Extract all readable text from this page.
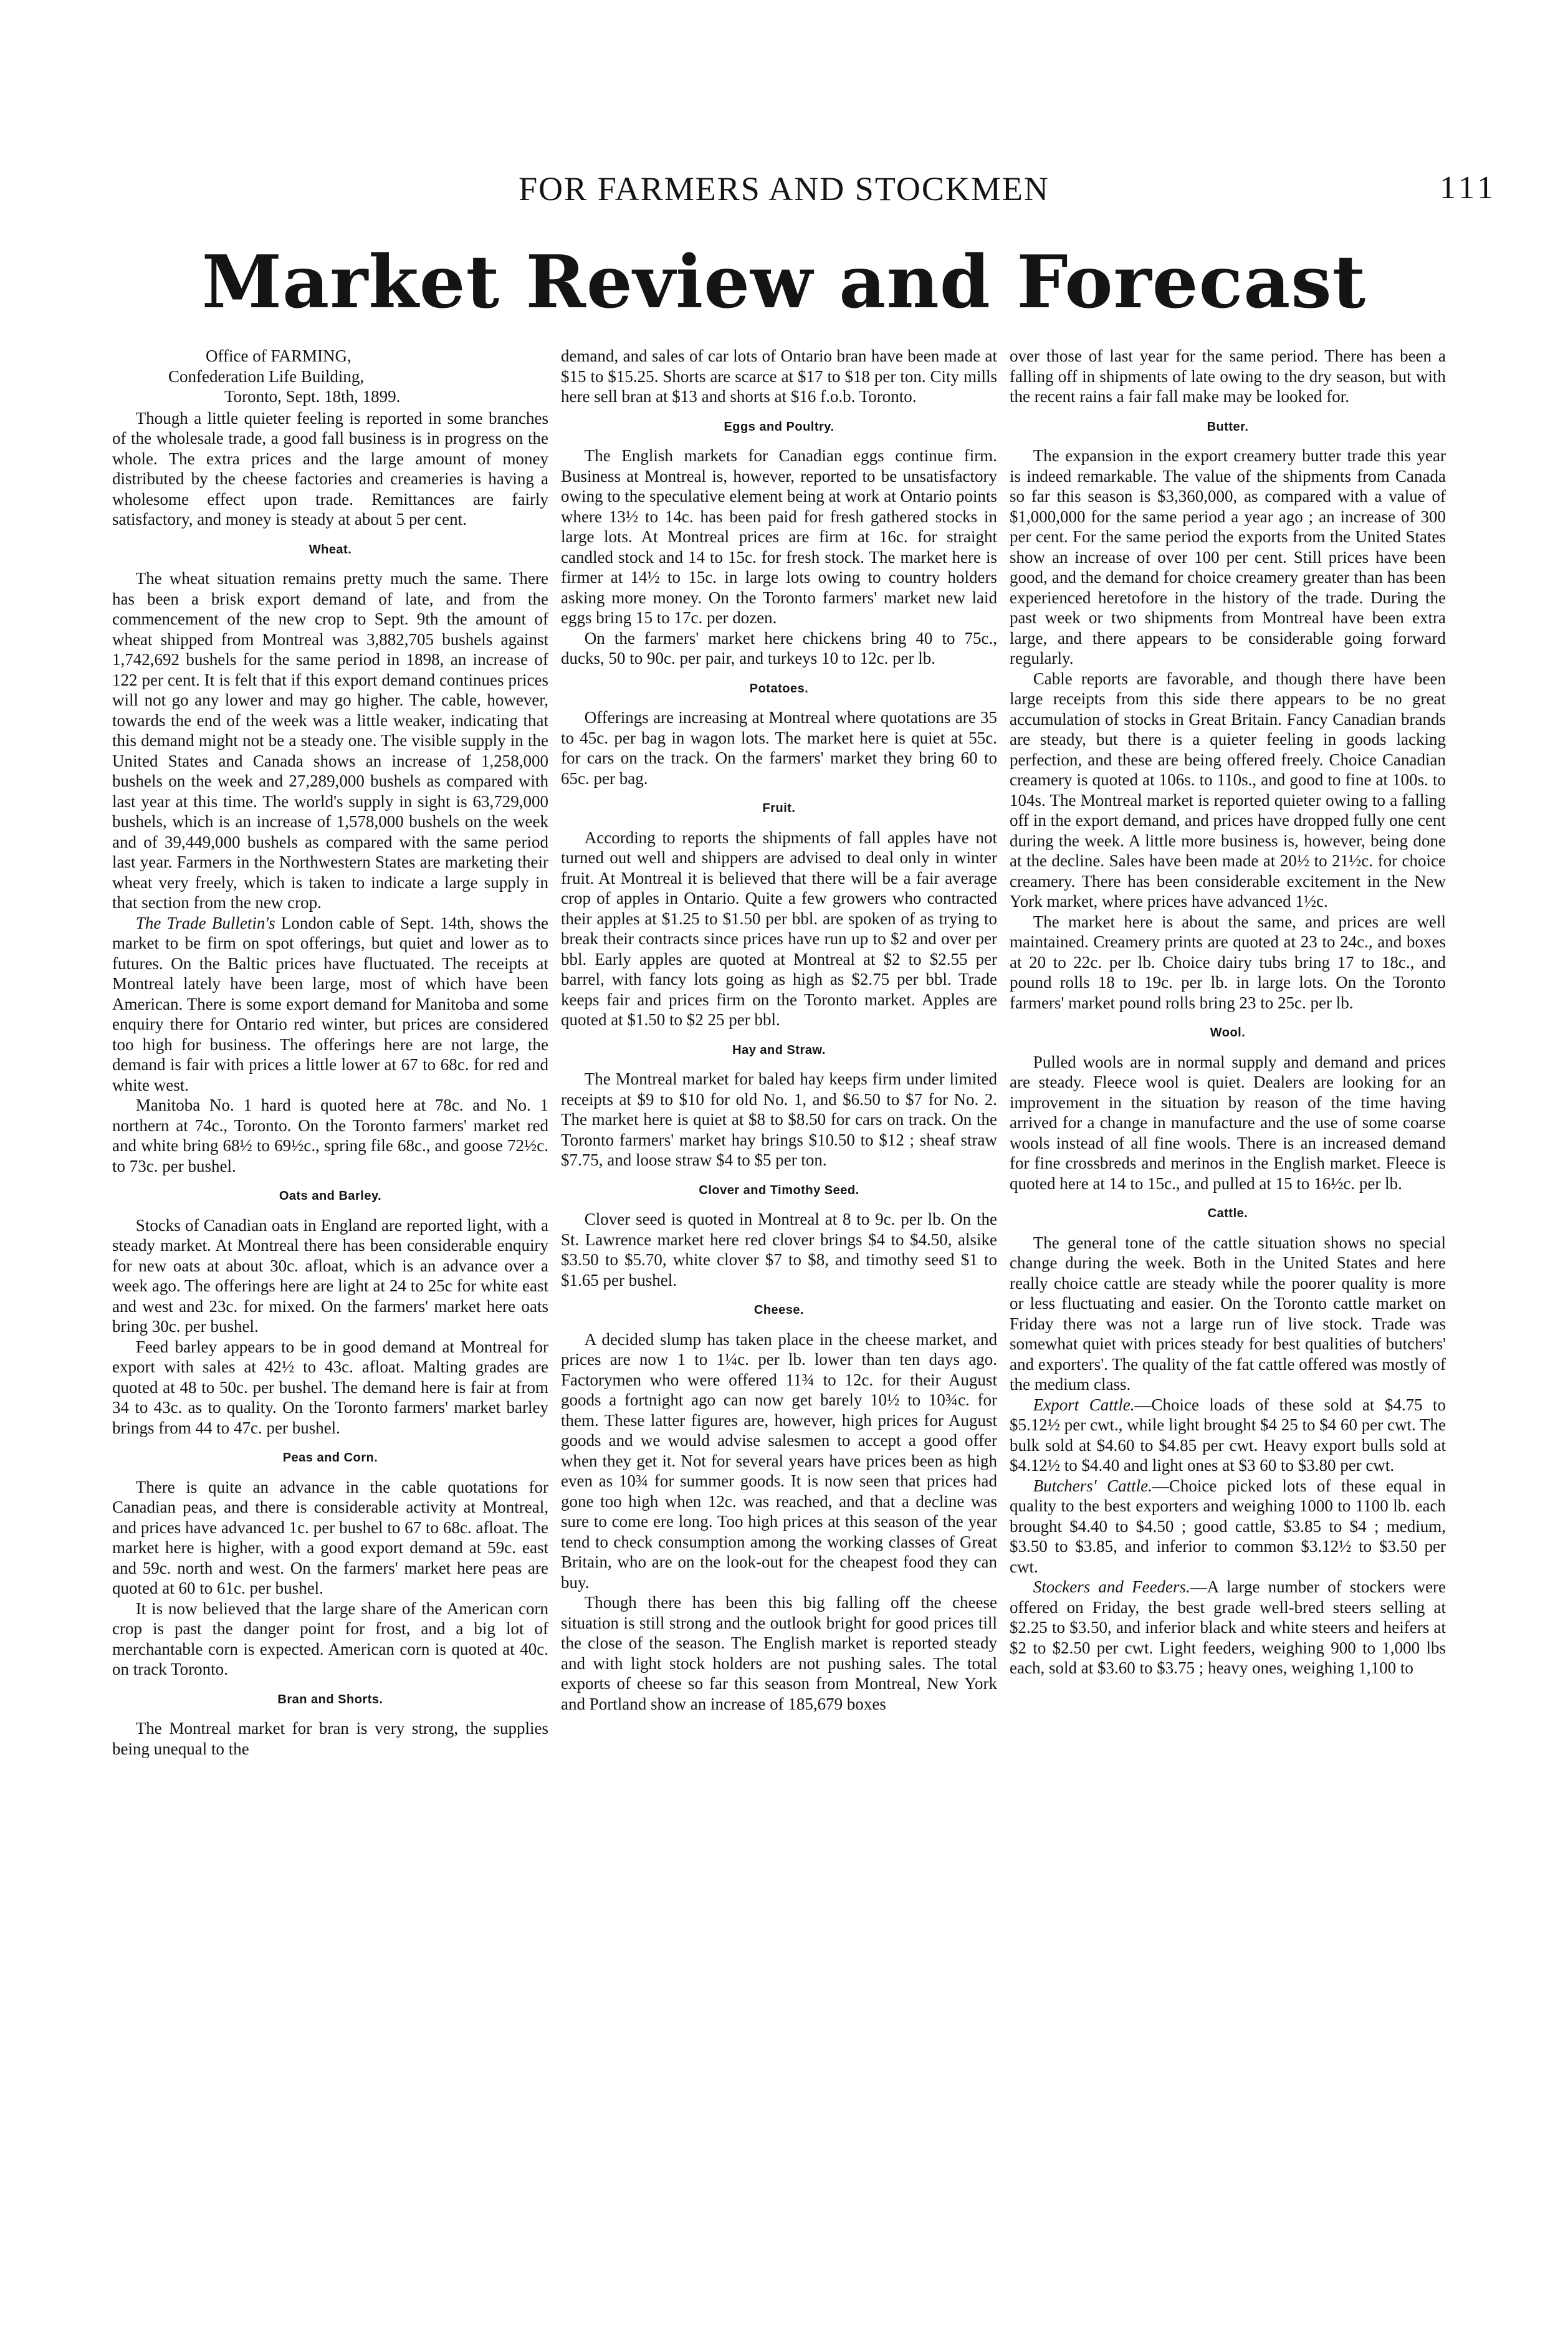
FOR FARMERS AND STOCKMEN	111
Market Review and Forecast
Office of FARMING,
Confederation Life Building,
Toronto, Sept. 18th, 1899.

Though a little quieter feeling is reported in some branches of the wholesale trade, a good fall business is in progress on the whole. The extra prices and the large amount of money distributed by the cheese factories and creameries is having a wholesome effect upon trade. Remittances are fairly satisfactory, and money is steady at about 5 per cent.

Wheat.

The wheat situation remains pretty much the same. There has been a brisk export demand of late, and from the commencement of the new crop to Sept. 9th the amount of wheat shipped from Montreal was 3,882,705 bushels against 1,742,692 bushels for the same period in 1898, an increase of 122 per cent. It is felt that if this export demand continues prices will not go any lower and may go higher. The cable, however, towards the end of the week was a little weaker, indicating that this demand might not be a steady one. The visible supply in the United States and Canada shows an increase of 1,258,000 bushels on the week and 27,289,000 bushels as compared with last year at this time. The world's supply in sight is 63,729,000 bushels, which is an increase of 1,578,000 bushels on the week and of 39,449,000 bushels as compared with the same period last year. Farmers in the Northwestern States are marketing their wheat very freely, which is taken to indicate a large supply in that section from the new crop.

The Trade Bulletin's London cable of Sept. 14th, shows the market to be firm on spot offerings, but quiet and lower as to futures. On the Baltic prices have fluctuated. The receipts at Montreal lately have been large, most of which have been American. There is some export demand for Manitoba and some enquiry there for Ontario red winter, but prices are considered too high for business. The offerings here are not large, the demand is fair with prices a little lower at 67 to 68c. for red and white west.

Manitoba No. 1 hard is quoted here at 78c. and No. 1 northern at 74c., Toronto. On the Toronto farmers' market red and white bring 68½ to 69½c., spring file 68c., and goose 72½c. to 73c. per bushel.

Oats and Barley.

Stocks of Canadian oats in England are reported light, with a steady market. At Montreal there has been considerable enquiry for new oats at about 30c. afloat, which is an advance over a week ago. The offerings here are light at 24 to 25c for white east and west and 23c. for mixed. On the farmers' market here oats bring 30c. per bushel.

Feed barley appears to be in good demand at Montreal for export with sales at 42½ to 43c. afloat. Malting grades are quoted at 48 to 50c. per bushel. The demand here is fair at from 34 to 43c. as to quality. On the Toronto farmers' market barley brings from 44 to 47c. per bushel.

Peas and Corn.

There is quite an advance in the cable quotations for Canadian peas, and there is considerable activity at Montreal, and prices have advanced 1c. per bushel to 67 to 68c. afloat. The market here is higher, with a good export demand at 59c. east and 59c. north and west. On the farmers' market here peas are quoted at 60 to 61c. per bushel.

It is now believed that the large share of the American corn crop is past the danger point for frost, and a big lot of merchantable corn is expected. American corn is quoted at 40c. on track Toronto.

Bran and Shorts.

The Montreal market for bran is very strong, the supplies being unequal to the

demand, and sales of car lots of Ontario bran have been made at $15 to $15.25. Shorts are scarce at $17 to $18 per ton. City mills here sell bran at $13 and shorts at $16 f.o.b. Toronto.

Eggs and Poultry.

The English markets for Canadian eggs continue firm. Business at Montreal is, however, reported to be unsatisfactory owing to the speculative element being at work at Ontario points where 13½ to 14c. has been paid for fresh gathered stocks in large lots. At Montreal prices are firm at 16c. for straight candled stock and 14 to 15c. for fresh stock. The market here is firmer at 14½ to 15c. in large lots owing to country holders asking more money. On the Toronto farmers' market new laid eggs bring 15 to 17c. per dozen.

On the farmers' market here chickens bring 40 to 75c., ducks, 50 to 90c. per pair, and turkeys 10 to 12c. per lb.

Potatoes.

Offerings are increasing at Montreal where quotations are 35 to 45c. per bag in wagon lots. The market here is quiet at 55c. for cars on the track. On the farmers' market they bring 60 to 65c. per bag.

Fruit.

According to reports the shipments of fall apples have not turned out well and shippers are advised to deal only in winter fruit. At Montreal it is believed that there will be a fair average crop of apples in Ontario. Quite a few growers who contracted their apples at $1.25 to $1.50 per bbl. are spoken of as trying to break their contracts since prices have run up to $2 and over per bbl. Early apples are quoted at Montreal at $2 to $2.55 per barrel, with fancy lots going as high as $2.75 per bbl. Trade keeps fair and prices firm on the Toronto market. Apples are quoted at $1.50 to $2 25 per bbl.

Hay and Straw.

The Montreal market for baled hay keeps firm under limited receipts at $9 to $10 for old No. 1, and $6.50 to $7 for No. 2. The market here is quiet at $8 to $8.50 for cars on track. On the Toronto farmers' market hay brings $10.50 to $12 ; sheaf straw $7.75, and loose straw $4 to $5 per ton.

Clover and Timothy Seed.

Clover seed is quoted in Montreal at 8 to 9c. per lb. On the St. Lawrence market here red clover brings $4 to $4.50, alsike $3.50 to $5.70, white clover $7 to $8, and timothy seed $1 to $1.65 per bushel.

Cheese.

A decided slump has taken place in the cheese market, and prices are now 1 to 1¼c. per lb. lower than ten days ago. Factorymen who were offered 11¾ to 12c. for their August goods a fortnight ago can now get barely 10½ to 10¾c. for them. These latter figures are, however, high prices for August goods and we would advise salesmen to accept a good offer when they get it. Not for several years have prices been as high even as 10¾ for summer goods. It is now seen that prices had gone too high when 12c. was reached, and that a decline was sure to come ere long. Too high prices at this season of the year tend to check consumption among the working classes of Great Britain, who are on the look-out for the cheapest food they can buy.

Though there has been this big falling off the cheese situation is still strong and the outlook bright for good prices till the close of the season. The English market is reported steady and with light stock holders are not pushing sales. The total exports of cheese so far this season from Montreal, New York and Portland show an increase of 185,679 boxes

over those of last year for the same period. There has been a falling off in shipments of late owing to the dry season, but with the recent rains a fair fall make may be looked for.

Butter.

The expansion in the export creamery butter trade this year is indeed remarkable. The value of the shipments from Canada so far this season is $3,360,000, as compared with a value of $1,000,000 for the same period a year ago ; an increase of 300 per cent. For the same period the exports from the United States show an increase of over 100 per cent. Still prices have been good, and the demand for choice creamery greater than has been experienced heretofore in the history of the trade. During the past week or two shipments from Montreal have been extra large, and there appears to be considerable going forward regularly.

Cable reports are favorable, and though there have been large receipts from this side there appears to be no great accumulation of stocks in Great Britain. Fancy Canadian brands are steady, but there is a quieter feeling in goods lacking perfection, and these are being offered freely. Choice Canadian creamery is quoted at 106s. to 110s., and good to fine at 100s. to 104s. The Montreal market is reported quieter owing to a falling off in the export demand, and prices have dropped fully one cent during the week. A little more business is, however, being done at the decline. Sales have been made at 20½ to 21½c. for choice creamery. There has been considerable excitement in the New York market, where prices have advanced 1½c.

The market here is about the same, and prices are well maintained. Creamery prints are quoted at 23 to 24c., and boxes at 20 to 22c. per lb. Choice dairy tubs bring 17 to 18c., and pound rolls 18 to 19c. per lb. in large lots. On the Toronto farmers' market pound rolls bring 23 to 25c. per lb.

Wool.

Pulled wools are in normal supply and demand and prices are steady. Fleece wool is quiet. Dealers are looking for an improvement in the situation by reason of the time having arrived for a change in manufacture and the use of some coarse wools instead of all fine wools. There is an increased demand for fine crossbreds and merinos in the English market. Fleece is quoted here at 14 to 15c., and pulled at 15 to 16½c. per lb.

Cattle.

The general tone of the cattle situation shows no special change during the week. Both in the United States and here really choice cattle are steady while the poorer quality is more or less fluctuating and easier. On the Toronto cattle market on Friday there was not a large run of live stock. Trade was somewhat quiet with prices steady for best qualities of butchers' and exporters'. The quality of the fat cattle offered was mostly of the medium class.

Export Cattle.—Choice loads of these sold at $4.75 to $5.12½ per cwt., while light brought $4 25 to $4 60 per cwt. The bulk sold at $4.60 to $4.85 per cwt. Heavy export bulls sold at $4.12½ to $4.40 and light ones at $3 60 to $3.80 per cwt.

Butchers' Cattle.—Choice picked lots of these equal in quality to the best exporters and weighing 1000 to 1100 lb. each brought $4.40 to $4.50 ; good cattle, $3.85 to $4 ; medium, $3.50 to $3.85, and inferior to common $3.12½ to $3.50 per cwt.

Stockers and Feeders.—A large number of stockers were offered on Friday, the best grade well-bred steers selling at $2.25 to $3.50, and inferior black and white steers and heifers at $2 to $2.50 per cwt. Light feeders, weighing 900 to 1,000 lbs each, sold at $3.60 to $3.75 ; heavy ones, weighing 1,100 to
